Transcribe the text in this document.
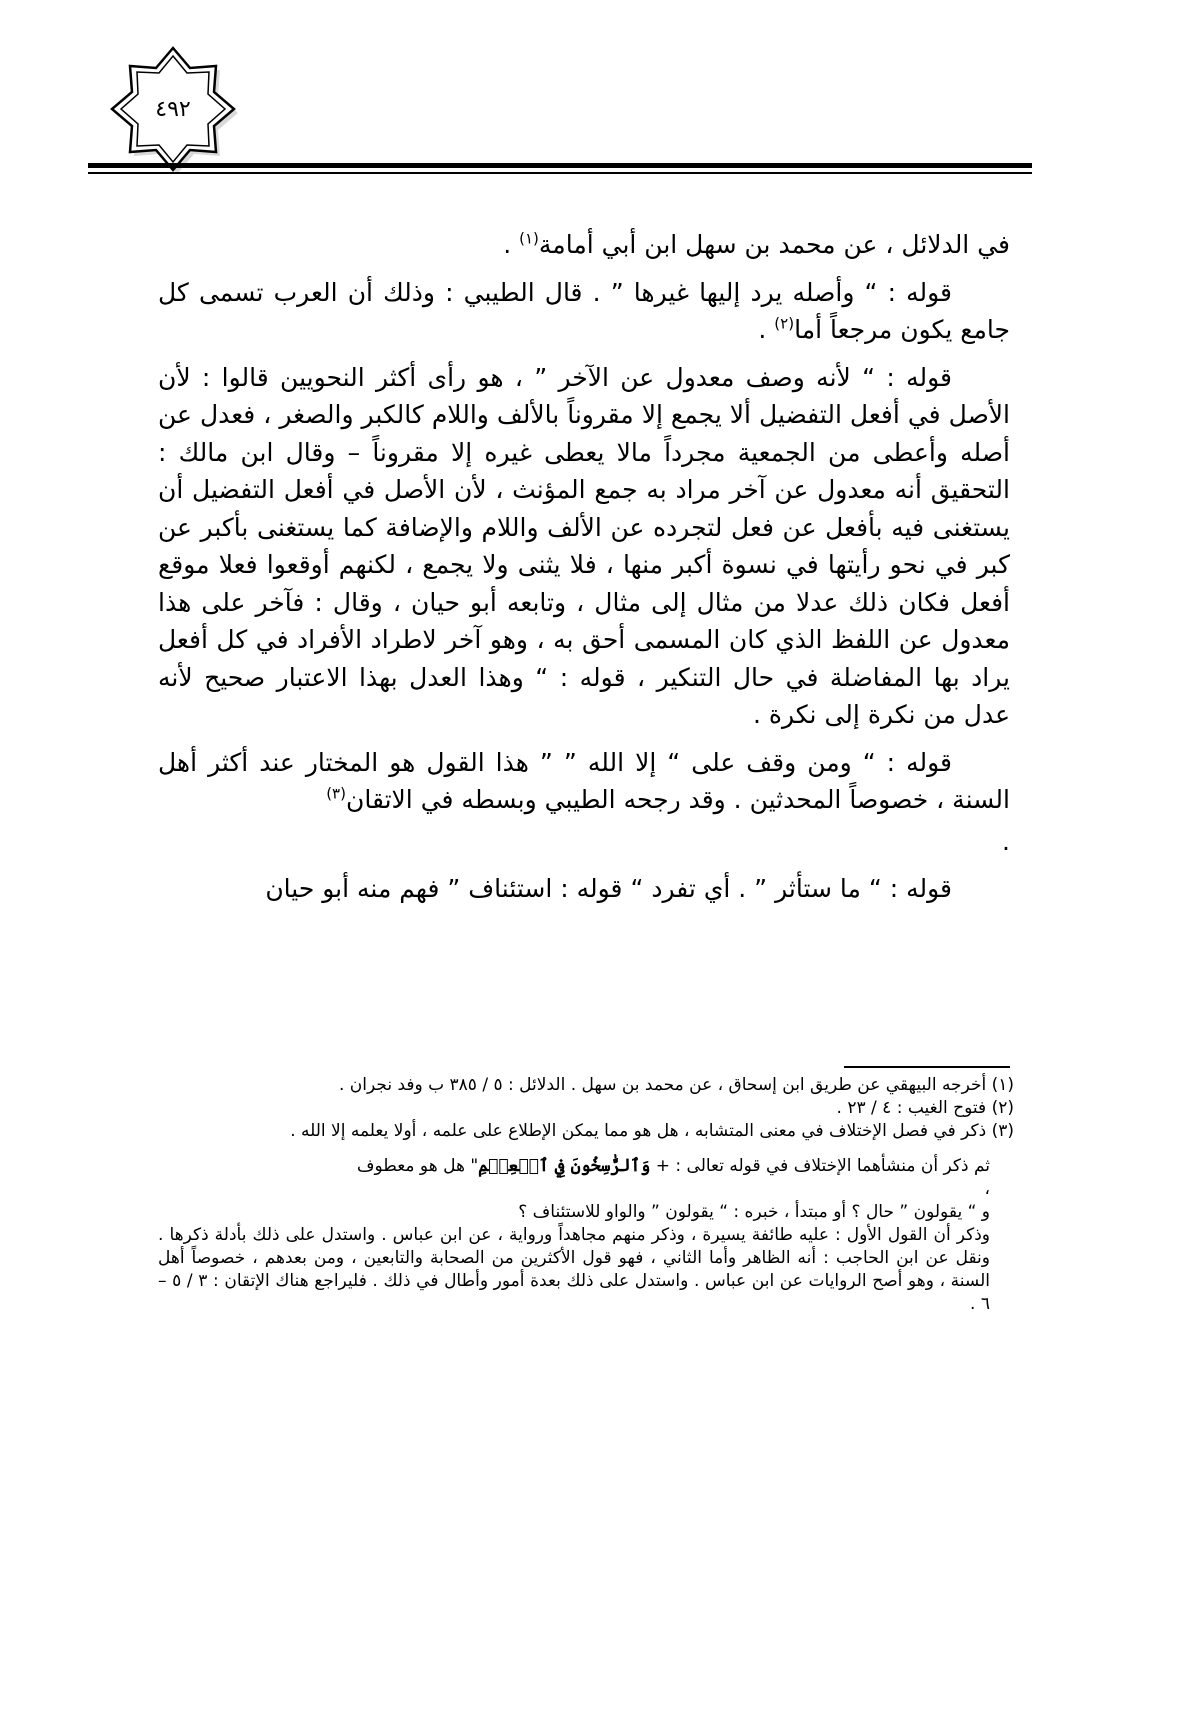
٤٩٢

في الدلائل ، عن محمد بن سهل ابن أبي أمامة$^{(١)}$ .

قوله : “ وأصله يرد إليها غيرها ” . قال الطيبي : وذلك أن العرب تسمى كل جامع يكون مرجعاً أما$^{(٢)}$ .

قوله : “ لأنه وصف معدول عن الآخر ” ، هو رأى أكثر النحويين قالوا : لأن الأصل في أفعل التفضيل ألا يجمع إلا مقروناً بالألف واللام كالكبر والصغر ، فعدل عن أصله وأعطى من الجمعية مجرداً مالا يعطى غيره إلا مقروناً – وقال ابن مالك : التحقيق أنه معدول عن آخر مراد به جمع المؤنث ، لأن الأصل في أفعل التفضيل أن يستغنى فيه بأفعل عن فعل لتجرده عن الألف واللام والإضافة كما يستغنى بأكبر عن كبر في نحو رأيتها في نسوة أكبر منها ، فلا يثنى ولا يجمع ، لكنهم أوقعوا فعلا موقع أفعل فكان ذلك عدلا من مثال إلى مثال ، وتابعه أبو حيان ، وقال : فآخر على هذا معدول عن اللفظ الذي كان المسمى أحق به ، وهو آخر لاطراد الأفراد في كل أفعل يراد بها المفاضلة في حال التنكير ، قوله : “ وهذا العدل بهذا الاعتبار صحيح لأنه عدل من نكرة إلى نكرة .

قوله : “ ومن وقف على “ إلا الله ” ” هذا القول هو المختار عند أكثر أهل السنة ، خصوصاً المحدثين . وقد رجحه الطيبي وبسطه في الاتقان$^{(٣)}$

.

قوله : “ ما ستأثر ” . أي تفرد “ قوله : استئناف ” فهم منه أبو حيان

(١) أخرجه البيهقي عن طريق ابن إسحاق ، عن محمد بن سهل . الدلائل : ٥ / ٣٨٥ ب وفد نجران .

(٢) فتوح الغيب : ٤ / ٢٣ .

(٣) ذكر في فصل الإختلاف في معنى المتشابه ، هل هو مما يمكن الإطلاع على علمه ، أولا يعلمه إلا الله .

ثم ذكر أن منشأهما الإختلاف في قوله تعالى : + وَٱلرَّٰسِخُونَ فِي ٱلۡعِلۡمِ" هل هو معطوف

،

و “ يقولون ” حال ؟ أو مبتدأ ، خبره : “ يقولون ” والواو للاستئناف ؟

وذكر أن القول الأول : عليه طائفة يسيرة ، وذكر منهم مجاهداً ورواية ، عن ابن عباس . واستدل على ذلك بأدلة ذكرها . ونقل عن ابن الحاجب : أنه الظاهر وأما الثاني ، فهو قول الأكثرين من الصحابة والتابعين ، ومن بعدهم ، خصوصاً أهل السنة ، وهو أصح الروايات عن ابن عباس . واستدل على ذلك بعدة أمور وأطال في ذلك . فليراجع هناك الإتقان : ٣ / ٥ – ٦ .
